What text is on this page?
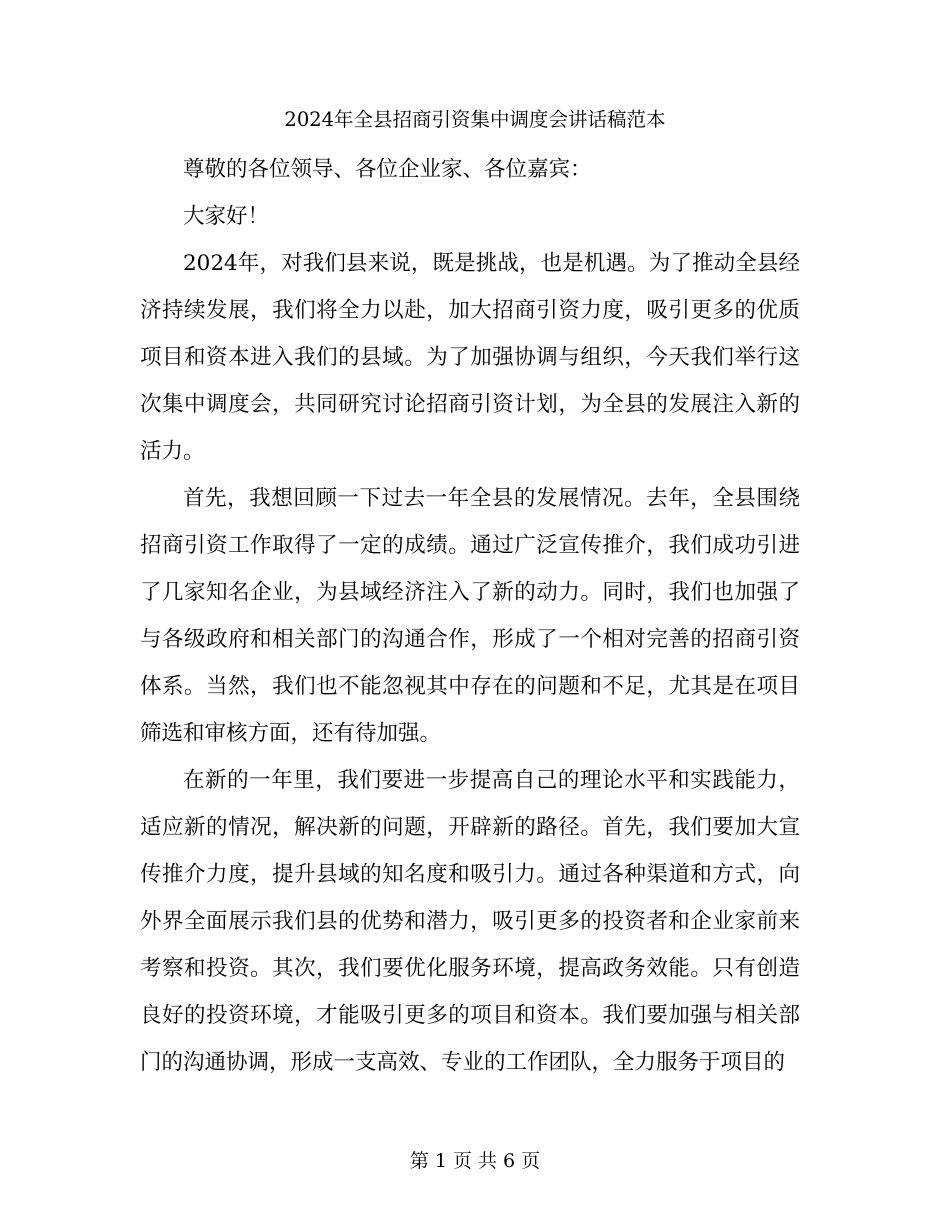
2024年全县招商引资集中调度会讲话稿范本

尊敬的各位领导、各位企业家、各位嘉宾：

大家好！

2024年，对我们县来说，既是挑战，也是机遇。为了推动全县经济持续发展，我们将全力以赴，加大招商引资力度，吸引更多的优质项目和资本进入我们的县域。为了加强协调与组织，今天我们举行这次集中调度会，共同研究讨论招商引资计划，为全县的发展注入新的活力。

首先，我想回顾一下过去一年全县的发展情况。去年，全县围绕招商引资工作取得了一定的成绩。通过广泛宣传推介，我们成功引进了几家知名企业，为县域经济注入了新的动力。同时，我们也加强了与各级政府和相关部门的沟通合作，形成了一个相对完善的招商引资体系。当然，我们也不能忽视其中存在的问题和不足，尤其是在项目筛选和审核方面，还有待加强。

在新的一年里，我们要进一步提高自己的理论水平和实践能力，适应新的情况，解决新的问题，开辟新的路径。首先，我们要加大宣传推介力度，提升县域的知名度和吸引力。通过各种渠道和方式，向外界全面展示我们县的优势和潜力，吸引更多的投资者和企业家前来考察和投资。其次，我们要优化服务环境，提高政务效能。只有创造良好的投资环境，才能吸引更多的项目和资本。我们要加强与相关部门的沟通协调，形成一支高效、专业的工作团队，全力服务于项目的

第 1 页 共 6 页
